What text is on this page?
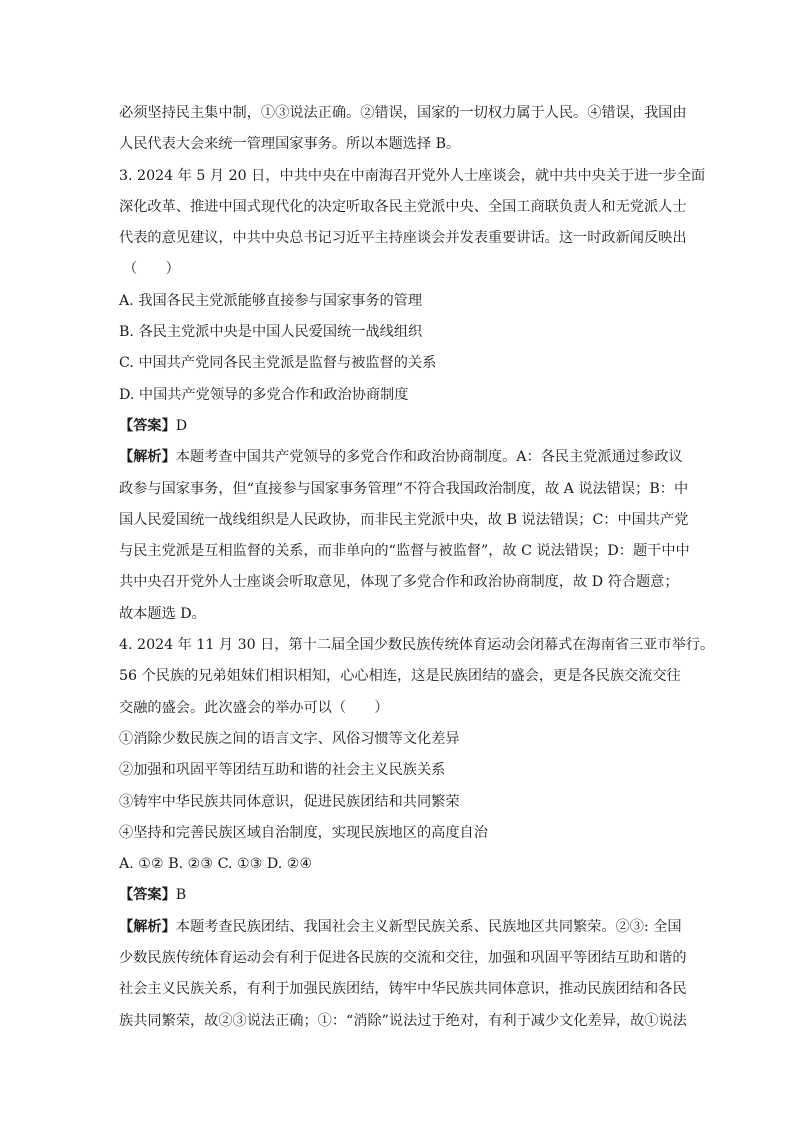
必须坚持民主集中制，①③说法正确。②错误，国家的一切权力属于人民。④错误，我国由
人民代表大会来统一管理国家事务。所以本题选择 B。
3. 2024 年 5 月 20 日，中共中央在中南海召开党外人士座谈会，就中共中央关于进一步全面
深化改革、推进中国式现代化的决定听取各民主党派中央、全国工商联负责人和无党派人士
代表的意见建议，中共中央总书记习近平主持座谈会并发表重要讲话。这一时政新闻反映出
（　　）
A. 我国各民主党派能够直接参与国家事务的管理
B. 各民主党派中央是中国人民爱国统一战线组织
C. 中国共产党同各民主党派是监督与被监督的关系
D. 中国共产党领导的多党合作和政治协商制度
【答案】D
【解析】本题考查中国共产党领导的多党合作和政治协商制度。A：各民主党派通过参政议
政参与国家事务，但“直接参与国家事务管理”不符合我国政治制度，故 A 说法错误；B：中
国人民爱国统一战线组织是人民政协，而非民主党派中央，故 B 说法错误；C：中国共产党
与民主党派是互相监督的关系，而非单向的“监督与被监督”，故 C 说法错误；D：题干中中
共中央召开党外人士座谈会听取意见，体现了多党合作和政治协商制度，故 D 符合题意；
故本题选 D。
4. 2024 年 11 月 30 日，第十二届全国少数民族传统体育运动会闭幕式在海南省三亚市举行。
56 个民族的兄弟姐妹们相识相知，心心相连，这是民族团结的盛会，更是各民族交流交往
交融的盛会。此次盛会的举办可以（　　）
①消除少数民族之间的语言文字、风俗习惯等文化差异
②加强和巩固平等团结互助和谐的社会主义民族关系
③铸牢中华民族共同体意识，促进民族团结和共同繁荣
④坚持和完善民族区域自治制度，实现民族地区的高度自治
A. ①② B. ②③ C. ①③ D. ②④
【答案】B
【解析】本题考查民族团结、我国社会主义新型民族关系、民族地区共同繁荣。②③: 全国
少数民族传统体育运动会有利于促进各民族的交流和交往，加强和巩固平等团结互助和谐的
社会主义民族关系，有利于加强民族团结，铸牢中华民族共同体意识，推动民族团结和各民
族共同繁荣，故②③说法正确；①：“消除”说法过于绝对，有利于减少文化差异，故①说法
